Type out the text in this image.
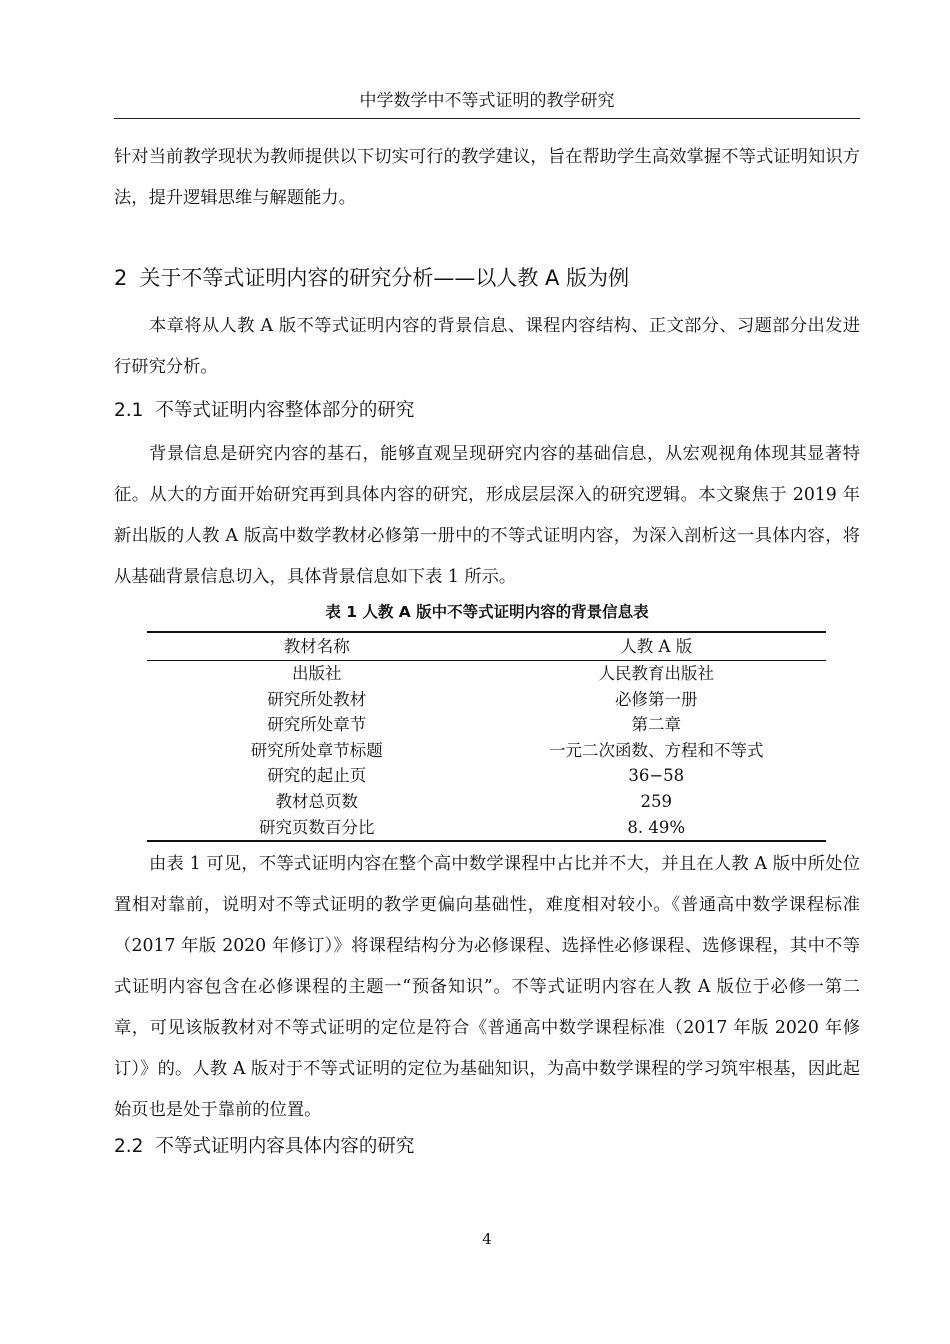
中学数学中不等式证明的教学研究

针对当前教学现状为教师提供以下切实可行的教学建议，旨在帮助学生高效掌握不等式证明知识方法，提升逻辑思维与解题能力。

2 关于不等式证明内容的研究分析——以人教 A 版为例

本章将从人教 A 版不等式证明内容的背景信息、课程内容结构、正文部分、习题部分出发进行研究分析。

2.1 不等式证明内容整体部分的研究

背景信息是研究内容的基石，能够直观呈现研究内容的基础信息，从宏观视角体现其显著特征。从大的方面开始研究再到具体内容的研究，形成层层深入的研究逻辑。本文聚焦于 2019 年新出版的人教 A 版高中数学教材必修第一册中的不等式证明内容，为深入剖析这一具体内容，将从基础背景信息切入，具体背景信息如下表 1 所示。

表 1 人教 A 版中不等式证明内容的背景信息表
教材名称	人教 A 版
出版社	人民教育出版社
研究所处教材	必修第一册
研究所处章节	第二章
研究所处章节标题	一元二次函数、方程和不等式
研究的起止页	36−58
教材总页数	259
研究页数百分比	8. 49%

由表 1 可见，不等式证明内容在整个高中数学课程中占比并不大，并且在人教 A 版中所处位置相对靠前，说明对不等式证明的教学更偏向基础性，难度相对较小。《普通高中数学课程标准（2017 年版 2020 年修订）》将课程结构分为必修课程、选择性必修课程、选修课程，其中不等式证明内容包含在必修课程的主题一“预备知识”。不等式证明内容在人教 A 版位于必修一第二章，可见该版教材对不等式证明的定位是符合《普通高中数学课程标准（2017 年版 2020 年修订）》的。人教 A 版对于不等式证明的定位为基础知识，为高中数学课程的学习筑牢根基，因此起始页也是处于靠前的位置。

2.2 不等式证明内容具体内容的研究
4
